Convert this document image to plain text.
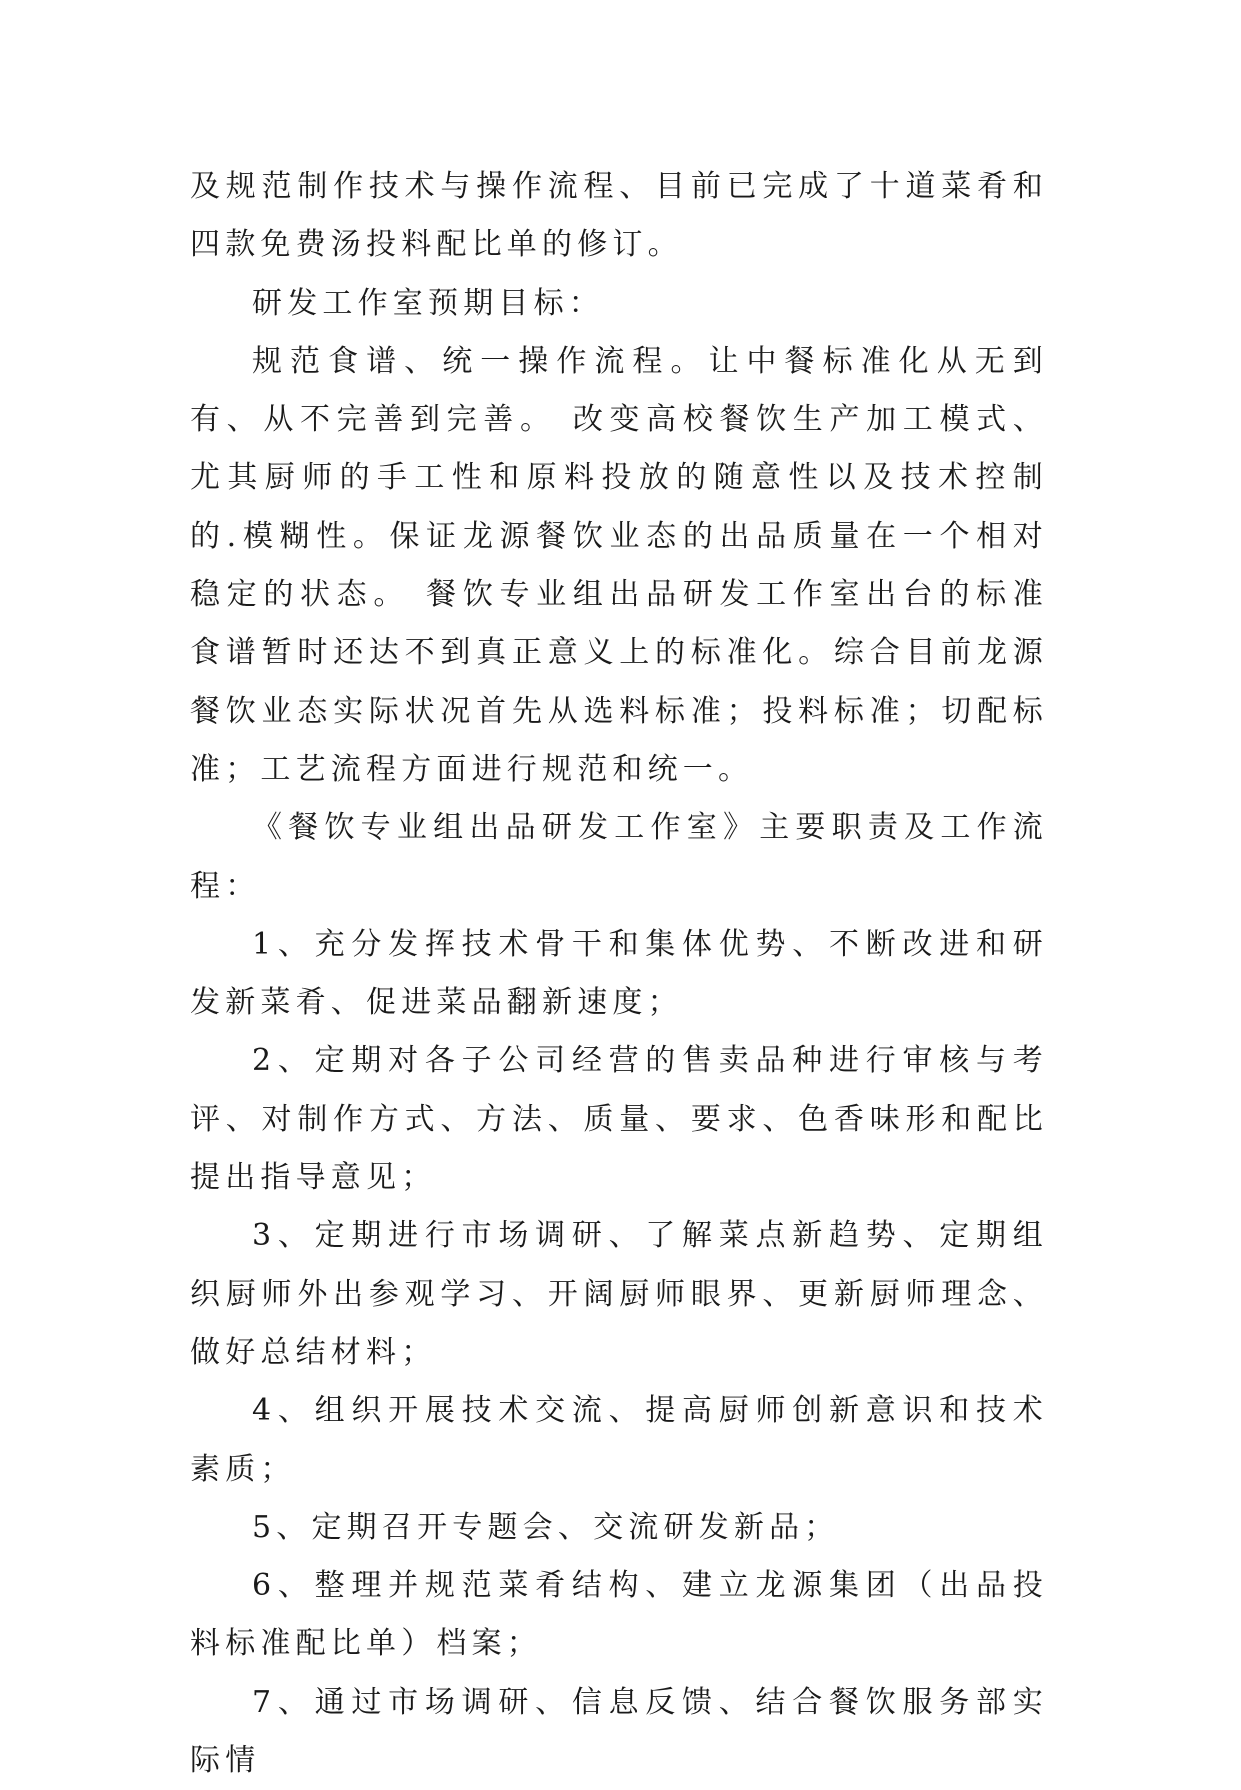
及规范制作技术与操作流程、目前已完成了十道菜肴和四款免费汤投料配比单的修订。

研发工作室预期目标：

规范食谱、统一操作流程。让中餐标准化从无到有、从不完善到完善。 改变高校餐饮生产加工模式、尤其厨师的手工性和原料投放的随意性以及技术控制的.模糊性。保证龙源餐饮业态的出品质量在一个相对稳定的状态。 餐饮专业组出品研发工作室出台的标准食谱暂时还达不到真正意义上的标准化。综合目前龙源餐饮业态实际状况首先从选料标准；投料标准；切配标准；工艺流程方面进行规范和统一。

《餐饮专业组出品研发工作室》主要职责及工作流程：

1、充分发挥技术骨干和集体优势、不断改进和研发新菜肴、促进菜品翻新速度；

2、定期对各子公司经营的售卖品种进行审核与考评、对制作方式、方法、质量、要求、色香味形和配比提出指导意见；

3、定期进行市场调研、了解菜点新趋势、定期组织厨师外出参观学习、开阔厨师眼界、更新厨师理念、做好总结材料；

4、组织开展技术交流、提高厨师创新意识和技术素质；

5、定期召开专题会、交流研发新品；

6、整理并规范菜肴结构、建立龙源集团（出品投料标准配比单）档案；

7、通过市场调研、信息反馈、结合餐饮服务部实际情
